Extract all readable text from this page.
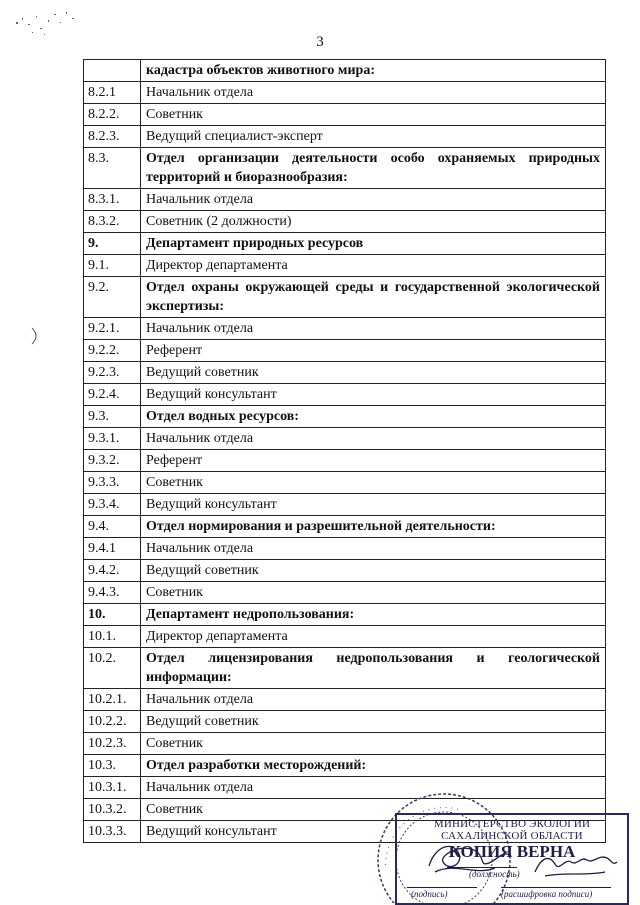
3
	кадастра объектов животного мира:
8.2.1	Начальник отдела
8.2.2.	Советник
8.2.3.	Ведущий специалист-эксперт
8.3.	Отдел организации деятельности особо охраняемых природных территорий и биоразнообразия:
8.3.1.	Начальник отдела
8.3.2.	Советник (2 должности)
9.	Департамент природных ресурсов
9.1.	Директор департамента
9.2.	Отдел охраны окружающей среды и государственной экологической экспертизы:
9.2.1.	Начальник отдела
9.2.2.	Референт
9.2.3.	Ведущий советник
9.2.4.	Ведущий консультант
9.3.	Отдел водных ресурсов:
9.3.1.	Начальник отдела
9.3.2.	Референт
9.3.3.	Советник
9.3.4.	Ведущий консультант
9.4.	Отдел нормирования и разрешительной деятельности:
9.4.1	Начальник отдела
9.4.2.	Ведущий советник
9.4.3.	Советник
10.	Департамент недропользования:
10.1.	Директор департамента
10.2.	Отдел лицензирования недропользования и геологической информации:
10.2.1.	Начальник отдела
10.2.2.	Ведущий советник
10.2.3.	Советник
10.3.	Отдел разработки месторождений:
10.3.1.	Начальник отдела
10.3.2.	Советник
10.3.3.	Ведущий консультант
· · · · · · · · · · · · · · · · · · ·
МИНИСТЕРСТВО ЭКОЛОГИИ
САХАЛИНСКОЙ ОБЛАСТИ
КОПИЯ ВЕРНА
(должность)
(подпись)	(расшифровка подписи)
